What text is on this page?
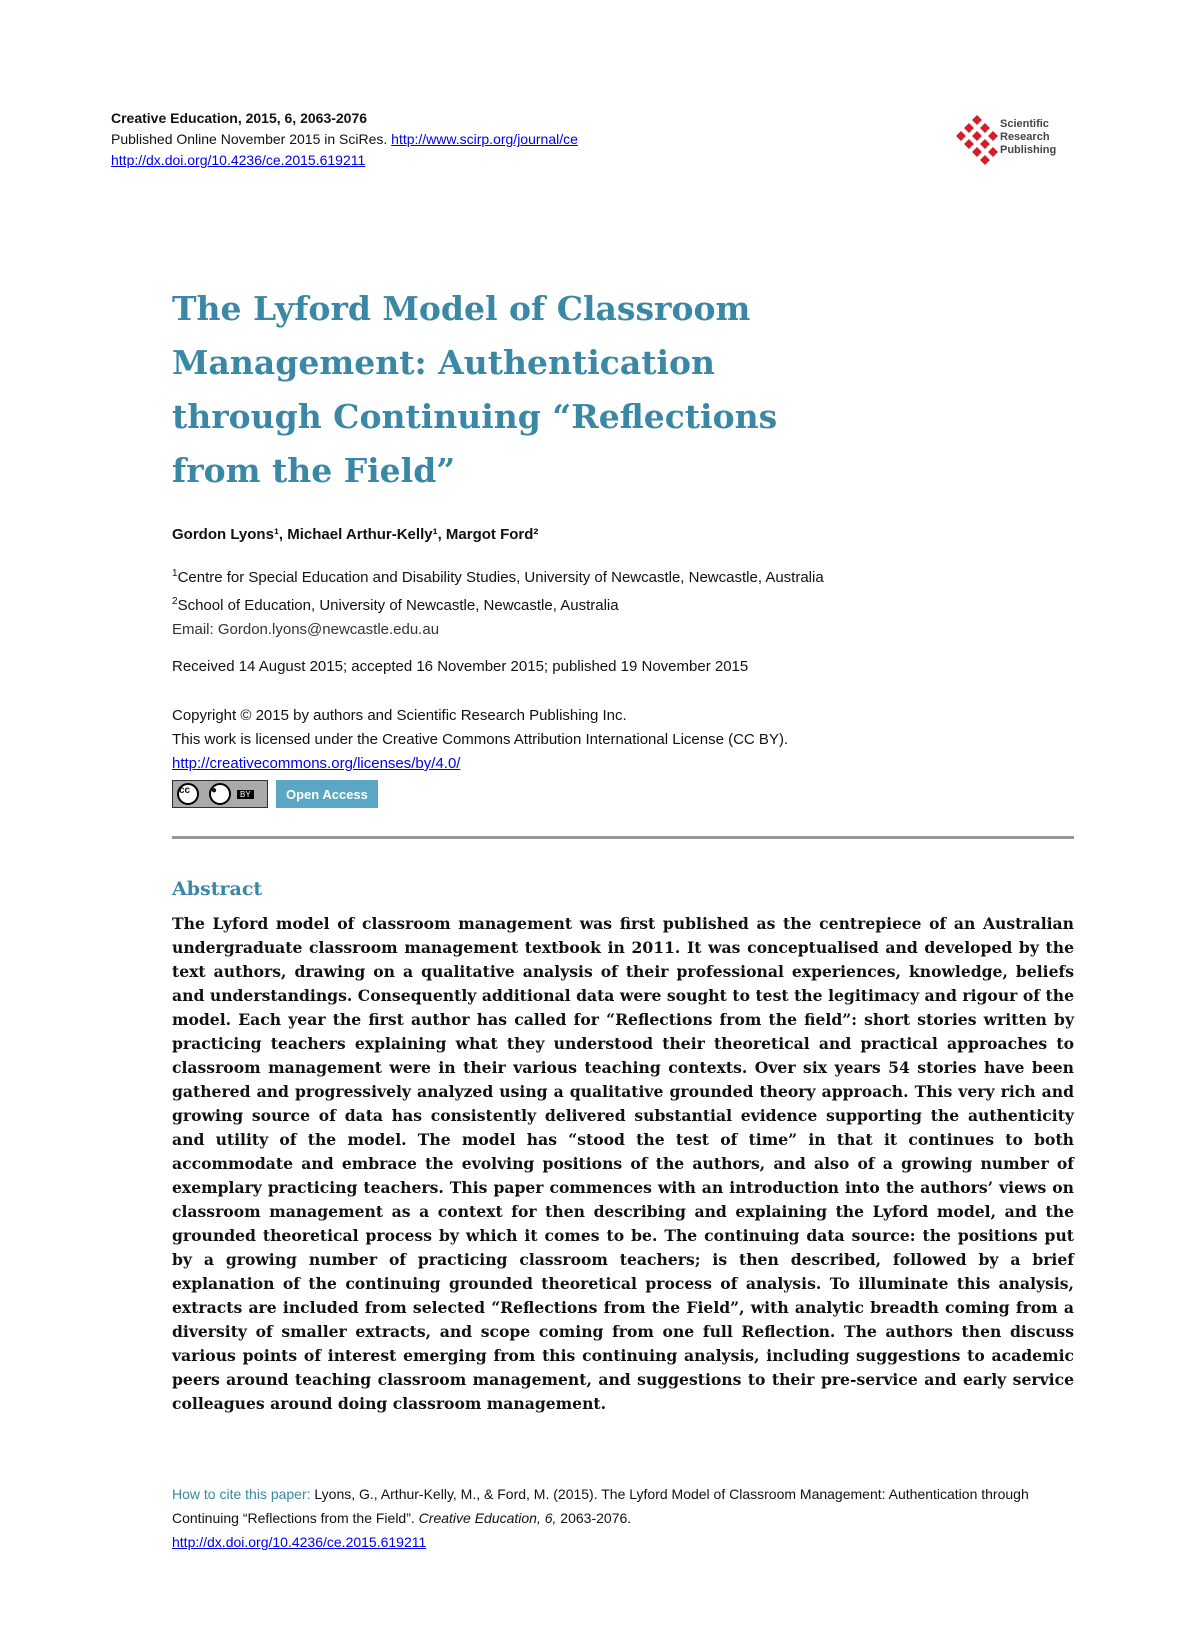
Creative Education, 2015, 6, 2063-2076
Published Online November 2015 in SciRes. http://www.scirp.org/journal/ce
http://dx.doi.org/10.4236/ce.2015.619211
Scientific
Research
Publishing
The Lyford Model of Classroom Management: Authentication through Continuing “Reflections from the Field”
Gordon Lyons¹, Michael Arthur-Kelly¹, Margot Ford²
$^1$Centre for Special Education and Disability Studies, University of Newcastle, Newcastle, Australia
$^2$School of Education, University of Newcastle, Newcastle, Australia
Email: Gordon.lyons@newcastle.edu.au
Received 14 August 2015; accepted 16 November 2015; published 19 November 2015
Copyright © 2015 by authors and Scientific Research Publishing Inc.
This work is licensed under the Creative Commons Attribution International License (CC BY).
http://creativecommons.org/licenses/by/4.0/
cc	●	BY	Open Access
Abstract

The Lyford model of classroom management was first published as the centrepiece of an Australian undergraduate classroom management textbook in 2011. It was conceptualised and developed by the text authors, drawing on a qualitative analysis of their professional experiences, knowledge, beliefs and understandings. Consequently additional data were sought to test the legitimacy and rigour of the model. Each year the first author has called for “Reflections from the field”: short stories written by practicing teachers explaining what they understood their theoretical and practical approaches to classroom management were in their various teaching contexts. Over six years 54 stories have been gathered and progressively analyzed using a qualitative grounded theory approach. This very rich and growing source of data has consistently delivered substantial evidence supporting the authenticity and utility of the model. The model has “stood the test of time” in that it continues to both accommodate and embrace the evolving positions of the authors, and also of a growing number of exemplary practicing teachers. This paper commences with an introduction into the authors’ views on classroom management as a context for then describing and explaining the Lyford model, and the grounded theoretical process by which it comes to be. The continuing data source: the positions put by a growing number of practicing classroom teachers; is then described, followed by a brief explanation of the continuing grounded theoretical process of analysis. To illuminate this analysis, extracts are included from selected “Reflections from the Field”, with analytic breadth coming from a diversity of smaller extracts, and scope coming from one full Reflection. The authors then discuss various points of interest emerging from this continuing analysis, including suggestions to academic peers around teaching classroom management, and suggestions to their pre-service and early service colleagues around doing classroom management.

How to cite this paper: Lyons, G., Arthur-Kelly, M., & Ford, M. (2015). The Lyford Model of Classroom Management: Authentication through Continuing “Reflections from the Field”. Creative Education, 6, 2063-2076.
http://dx.doi.org/10.4236/ce.2015.619211
